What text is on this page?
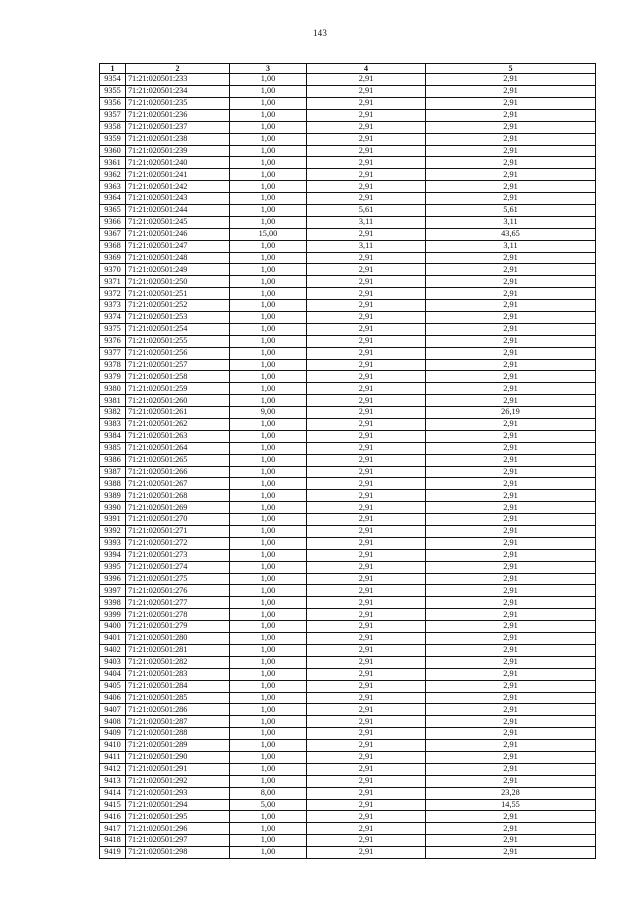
143
1	2	3	4	5
9354	71:21:020501:233	1,00	2,91	2,91
9355	71:21:020501:234	1,00	2,91	2,91
9356	71:21:020501:235	1,00	2,91	2,91
9357	71:21:020501:236	1,00	2,91	2,91
9358	71:21:020501:237	1,00	2,91	2,91
9359	71:21:020501:238	1,00	2,91	2,91
9360	71:21:020501:239	1,00	2,91	2,91
9361	71:21:020501:240	1,00	2,91	2,91
9362	71:21:020501:241	1,00	2,91	2,91
9363	71:21:020501:242	1,00	2,91	2,91
9364	71:21:020501:243	1,00	2,91	2,91
9365	71:21:020501:244	1,00	5,61	5,61
9366	71:21:020501:245	1,00	3,11	3,11
9367	71:21:020501:246	15,00	2,91	43,65
9368	71:21:020501:247	1,00	3,11	3,11
9369	71:21:020501:248	1,00	2,91	2,91
9370	71:21:020501:249	1,00	2,91	2,91
9371	71:21:020501:250	1,00	2,91	2,91
9372	71:21:020501:251	1,00	2,91	2,91
9373	71:21:020501:252	1,00	2,91	2,91
9374	71:21:020501:253	1,00	2,91	2,91
9375	71:21:020501:254	1,00	2,91	2,91
9376	71:21:020501:255	1,00	2,91	2,91
9377	71:21:020501:256	1,00	2,91	2,91
9378	71:21:020501:257	1,00	2,91	2,91
9379	71:21:020501:258	1,00	2,91	2,91
9380	71:21:020501:259	1,00	2,91	2,91
9381	71:21:020501:260	1,00	2,91	2,91
9382	71:21:020501:261	9,00	2,91	26,19
9383	71:21:020501:262	1,00	2,91	2,91
9384	71:21:020501:263	1,00	2,91	2,91
9385	71:21:020501:264	1,00	2,91	2,91
9386	71:21:020501:265	1,00	2,91	2,91
9387	71:21:020501:266	1,00	2,91	2,91
9388	71:21:020501:267	1,00	2,91	2,91
9389	71:21:020501:268	1,00	2,91	2,91
9390	71:21:020501:269	1,00	2,91	2,91
9391	71:21:020501:270	1,00	2,91	2,91
9392	71:21:020501:271	1,00	2,91	2,91
9393	71:21:020501:272	1,00	2,91	2,91
9394	71:21:020501:273	1,00	2,91	2,91
9395	71:21:020501:274	1,00	2,91	2,91
9396	71:21:020501:275	1,00	2,91	2,91
9397	71:21:020501:276	1,00	2,91	2,91
9398	71:21:020501:277	1,00	2,91	2,91
9399	71:21:020501:278	1,00	2,91	2,91
9400	71:21:020501:279	1,00	2,91	2,91
9401	71:21:020501:280	1,00	2,91	2,91
9402	71:21:020501:281	1,00	2,91	2,91
9403	71:21:020501:282	1,00	2,91	2,91
9404	71:21:020501:283	1,00	2,91	2,91
9405	71:21:020501:284	1,00	2,91	2,91
9406	71:21:020501:285	1,00	2,91	2,91
9407	71:21:020501:286	1,00	2,91	2,91
9408	71:21:020501:287	1,00	2,91	2,91
9409	71:21:020501:288	1,00	2,91	2,91
9410	71:21:020501:289	1,00	2,91	2,91
9411	71:21:020501:290	1,00	2,91	2,91
9412	71:21:020501:291	1,00	2,91	2,91
9413	71:21:020501:292	1,00	2,91	2,91
9414	71:21:020501:293	8,00	2,91	23,28
9415	71:21:020501:294	5,00	2,91	14,55
9416	71:21:020501:295	1,00	2,91	2,91
9417	71:21:020501:296	1,00	2,91	2,91
9418	71:21:020501:297	1,00	2,91	2,91
9419	71:21:020501:298	1,00	2,91	2,91
